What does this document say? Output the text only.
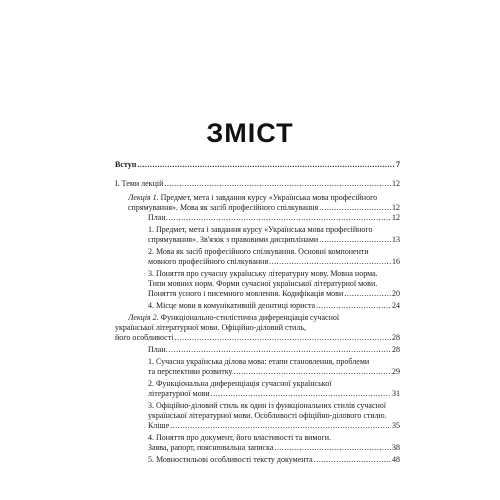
ЗМІСТ
Вступ .....	7
І. Теми лекцій .....	12
Лекція 1. Предмет, мета і завдання курсу «Українська мова професійного
спрямування». Мова як засіб професійного спілкування .....	12
План. .....	12
1. Предмет, мета і завдання курсу «Українська мова професійного
спрямування». Зв'язок з правовими дисциплінами .....	13
2. Мова як засіб професійного спілкування. Основні компоненти
мовного професійного спілкування .....	16
3. Поняття про сучасну українську літературну мову. Мовна норма.
Типи мовних норм. Форми сучасної української літературної мови.
Поняття усного і писемного мовлення. Кодифікація мови .....	20
4. Місце мови в комунікативній деонтиці юриста .....	24
Лекція 2. Функціонально-стилістична диференціація сучасної
української літературної мови. Офіційно-діловий стиль,
його особливості .....	28
План. .....	28
1. Сучасна українська ділова мова: етапи становлення, проблеми
та перспективи розвитку .....	29
2. Функціональна диференціація сучасної української
літературної мови .....	31
3. Офіційно-діловий стиль як один із функціональних стилів сучасної
української літературної мови. Особливості офіційно-ділового стилю.
Кліше .....	35
4. Поняття про документ, його властивості та вимоги.
Заява, рапорт, пояснювальна записка .....	38
5. Мовностильові особливості тексту документа .....	48
